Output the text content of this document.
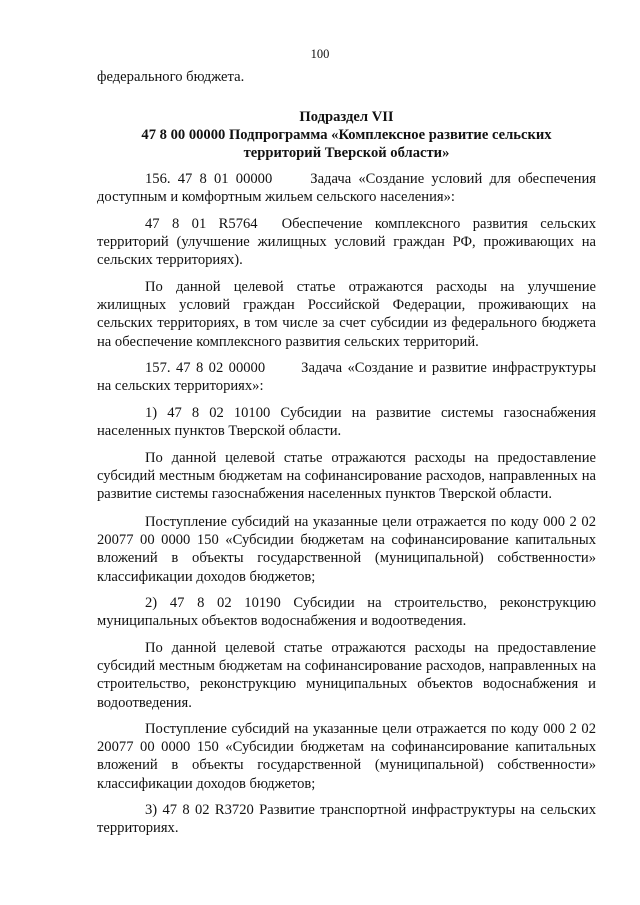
100

федерального бюджета.

Подраздел VII
47 8 00 00000 Подпрограмма «Комплексное развитие сельских территорий Тверской области»

156. 47 8 01 00000	Задача «Создание условий для обеспечения доступным и комфортным жильем сельского населения»:

47 8 01 R5764 Обеспечение комплексного развития сельских территорий (улучшение жилищных условий граждан РФ, проживающих на сельских территориях).

По данной целевой статье отражаются расходы на улучшение жилищных условий граждан Российской Федерации, проживающих на сельских территориях, в том числе за счет субсидии из федерального бюджета на обеспечение комплексного развития сельских территорий.

157. 47 8 02 00000 Задача «Создание и развитие инфраструктуры на сельских территориях»:

1) 47 8 02 10100 Субсидии на развитие системы газоснабжения населенных пунктов Тверской области.

По данной целевой статье отражаются расходы на предоставление субсидий местным бюджетам на софинансирование расходов, направленных на развитие системы газоснабжения населенных пунктов Тверской области.

Поступление субсидий на указанные цели отражается по коду 000 2 02 20077 00 0000 150 «Субсидии бюджетам на софинансирование капитальных вложений в объекты государственной (муниципальной) собственности» классификации доходов бюджетов;

2) 47 8 02 10190 Субсидии на строительство, реконструкцию муниципальных объектов водоснабжения и водоотведения.

По данной целевой статье отражаются расходы на предоставление субсидий местным бюджетам на софинансирование расходов, направленных на строительство, реконструкцию муниципальных объектов водоснабжения и водоотведения.

Поступление субсидий на указанные цели отражается по коду 000 2 02 20077 00 0000 150 «Субсидии бюджетам на софинансирование капитальных вложений в объекты государственной (муниципальной) собственности» классификации доходов бюджетов;

3) 47 8 02 R3720 Развитие транспортной инфраструктуры на сельских территориях.
